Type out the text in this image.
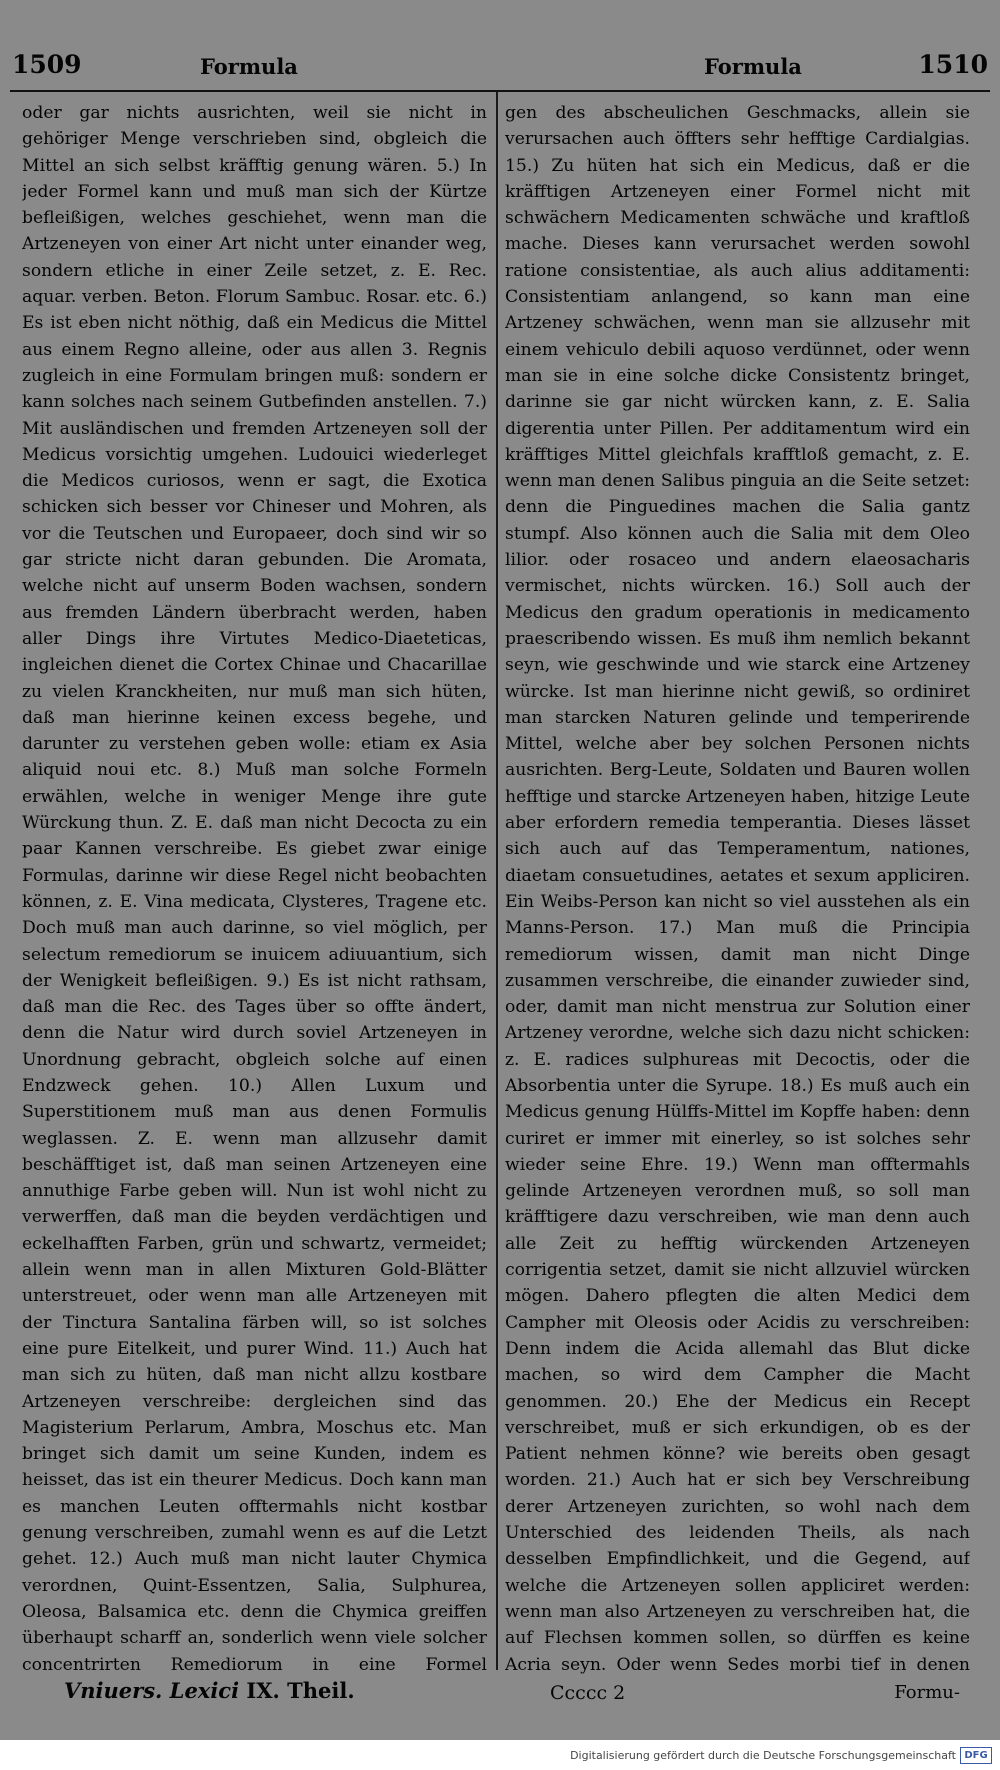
1509	Formula	Formula	1510

oder gar nichts ausrichten, weil sie nicht in gehöriger Menge verschrieben sind, obgleich die Mittel an sich selbst kräfftig genung wären. 5.) In jeder Formel kann und muß man sich der Kürtze befleißigen, welches geschiehet, wenn man die Artzeneyen von einer Art nicht unter einander weg, sondern etliche in einer Zeile setzet, z. E. Rec. aquar. verben. Beton. Florum Sambuc. Rosar. etc. 6.) Es ist eben nicht nöthig, daß ein Medicus die Mittel aus einem Regno alleine, oder aus allen 3. Regnis zugleich in eine Formulam bringen muß: sondern er kann solches nach seinem Gutbefinden anstellen. 7.) Mit ausländischen und fremden Artzeneyen soll der Medicus vorsichtig umgehen. Ludouici wiederleget die Medicos curiosos, wenn er sagt, die Exotica schicken sich besser vor Chineser und Mohren, als vor die Teutschen und Europaeer, doch sind wir so gar stricte nicht daran gebunden. Die Aromata, welche nicht auf unserm Boden wachsen, sondern aus fremden Ländern überbracht werden, haben aller Dings ihre Virtutes Medico-Diaeteticas, ingleichen dienet die Cortex Chinae und Chacarillae zu vielen Kranckheiten, nur muß man sich hüten, daß man hierinne keinen excess begehe, und darunter zu verstehen geben wolle: etiam ex Asia aliquid noui etc. 8.) Muß man solche Formeln erwählen, welche in weniger Menge ihre gute Würckung thun. Z. E. daß man nicht Decocta zu ein paar Kannen verschreibe. Es giebet zwar einige Formulas, darinne wir diese Regel nicht beobachten können, z. E. Vina medicata, Clysteres, Tragene etc. Doch muß man auch darinne, so viel möglich, per selectum remediorum se inuicem adiuuantium, sich der Wenigkeit befleißigen. 9.) Es ist nicht rathsam, daß man die Rec. des Tages über so offte ändert, denn die Natur wird durch soviel Artzeneyen in Unordnung gebracht, obgleich solche auf einen Endzweck gehen. 10.) Allen Luxum und Superstitionem muß man aus denen Formulis weglassen. Z. E. wenn man allzusehr damit beschäfftiget ist, daß man seinen Artzeneyen eine annuthige Farbe geben will. Nun ist wohl nicht zu verwerffen, daß man die beyden verdächtigen und eckelhafften Farben, grün und schwartz, vermeidet; allein wenn man in allen Mixturen Gold-Blätter unterstreuet, oder wenn man alle Artzeneyen mit der Tinctura Santalina färben will, so ist solches eine pure Eitelkeit, und purer Wind. 11.) Auch hat man sich zu hüten, daß man nicht allzu kostbare Artzeneyen verschreibe: dergleichen sind das Magisterium Perlarum, Ambra, Moschus etc. Man bringet sich damit um seine Kunden, indem es heisset, das ist ein theurer Medicus. Doch kann man es manchen Leuten offtermahls nicht kostbar genung verschreiben, zumahl wenn es auf die Letzt gehet. 12.) Auch muß man nicht lauter Chymica verordnen, Quint-Essentzen, Salia, Sulphurea, Oleosa, Balsamica etc. denn die Chymica greiffen überhaupt scharff an, sonderlich wenn viele solcher concentrirten Remediorum in eine Formel

gen des abscheulichen Geschmacks, allein sie verursachen auch öffters sehr hefftige Cardialgias. 15.) Zu hüten hat sich ein Medicus, daß er die kräfftigen Artzeneyen einer Formel nicht mit schwächern Medicamenten schwäche und kraftloß mache. Dieses kann verursachet werden sowohl ratione consistentiae, als auch alius additamenti: Consistentiam anlangend, so kann man eine Artzeney schwächen, wenn man sie allzusehr mit einem vehiculo debili aquoso verdünnet, oder wenn man sie in eine solche dicke Consistentz bringet, darinne sie gar nicht würcken kann, z. E. Salia digerentia unter Pillen. Per additamentum wird ein kräfftiges Mittel gleichfals krafftloß gemacht, z. E. wenn man denen Salibus pinguia an die Seite setzet: denn die Pinguedines machen die Salia gantz stumpf. Also können auch die Salia mit dem Oleo lilior. oder rosaceo und andern elaeosacharis vermischet, nichts würcken. 16.) Soll auch der Medicus den gradum operationis in medicamento praescribendo wissen. Es muß ihm nemlich bekannt seyn, wie geschwinde und wie starck eine Artzeney würcke. Ist man hierinne nicht gewiß, so ordiniret man starcken Naturen gelinde und temperirende Mittel, welche aber bey solchen Personen nichts ausrichten. Berg-Leute, Soldaten und Bauren wollen hefftige und starcke Artzeneyen haben, hitzige Leute aber erfordern remedia temperantia. Dieses lässet sich auch auf das Temperamentum, nationes, diaetam consuetudines, aetates et sexum appliciren. Ein Weibs-Person kan nicht so viel ausstehen als ein Manns-Person. 17.) Man muß die Principia remediorum wissen, damit man nicht Dinge zusammen verschreibe, die einander zuwieder sind, oder, damit man nicht menstrua zur Solution einer Artzeney verordne, welche sich dazu nicht schicken: z. E. radices sulphureas mit Decoctis, oder die Absorbentia unter die Syrupe. 18.) Es muß auch ein Medicus genung Hülffs-Mittel im Kopffe haben: denn curiret er immer mit einerley, so ist solches sehr wieder seine Ehre. 19.) Wenn man offtermahls gelinde Artzeneyen verordnen muß, so soll man kräfftigere dazu verschreiben, wie man denn auch alle Zeit zu hefftig würckenden Artzeneyen corrigentia setzet, damit sie nicht allzuviel würcken mögen. Dahero pflegten die alten Medici dem Campher mit Oleosis oder Acidis zu verschreiben: Denn indem die Acida allemahl das Blut dicke machen, so wird dem Campher die Macht genommen. 20.) Ehe der Medicus ein Recept verschreibet, muß er sich erkundigen, ob es der Patient nehmen könne? wie bereits oben gesagt worden. 21.) Auch hat er sich bey Verschreibung derer Artzeneyen zurichten, so wohl nach dem Unterschied des leidenden Theils, als nach desselben Empfindlichkeit, und die Gegend, auf welche die Artzeneyen sollen appliciret werden: wenn man also Artzeneyen zu verschreiben hat, die auf Flechsen kommen sollen, so dürffen es keine Acria seyn. Oder wenn Sedes morbi tief in denen

Vniuers. Lexici IX. Theil.	Ccccc 2	Formu-
Digitalisierung gefördert durch die Deutsche Forschungsgemeinschaft DFG
